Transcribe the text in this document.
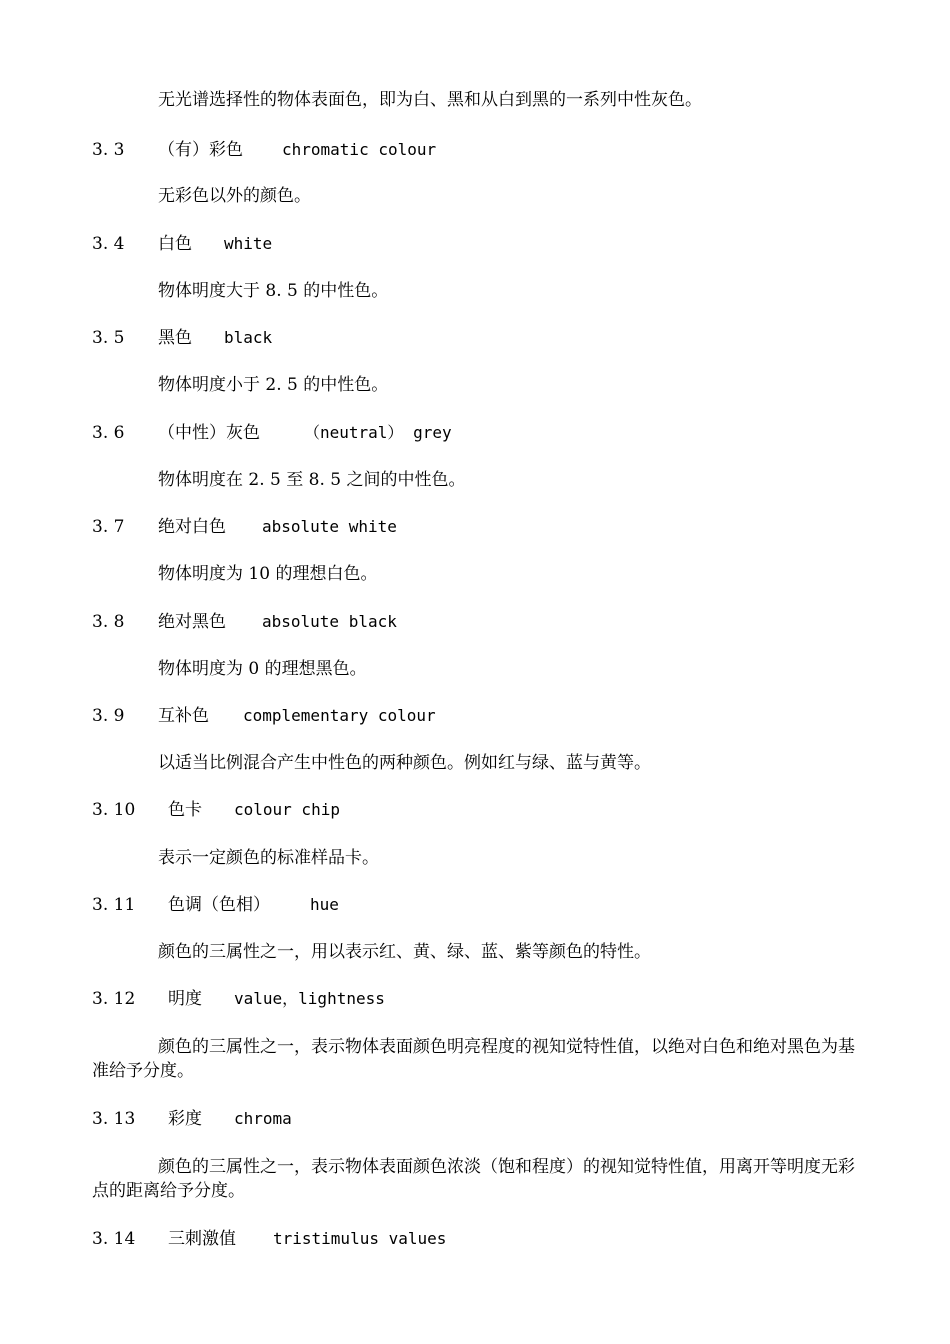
无光谱选择性的物体表面色，即为白、黑和从白到黑的一系列中性灰色。
3. 3 （有）彩色 chromatic colour
无彩色以外的颜色。
3. 4 白色 white
物体明度大于 8. 5 的中性色。
3. 5 黑色 black
物体明度小于 2. 5 的中性色。
3. 6 （中性）灰色	（neutral） grey
物体明度在 2. 5 至 8. 5 之间的中性色。
3. 7 绝对白色 absolute white
物体明度为 10 的理想白色。
3. 8 绝对黑色 absolute black
物体明度为 0 的理想黑色。
3. 9 互补色 complementary colour
以适当比例混合产生中性色的两种颜色。例如红与绿、蓝与黄等。
3. 10 色卡 colour chip
表示一定颜色的标准样品卡。
3. 11 色调（色相）	hue
颜色的三属性之一，用以表示红、黄、绿、蓝、紫等颜色的特性。
3. 12 明度 value，lightness
颜色的三属性之一，表示物体表面颜色明亮程度的视知觉特性值，以绝对白色和绝对黑色为基准给予分度。
3. 13 彩度 chroma
颜色的三属性之一，表示物体表面颜色浓淡（饱和程度）的视知觉特性值，用离开等明度无彩点的距离给予分度。
3. 14 三刺激值 tristimulus values
